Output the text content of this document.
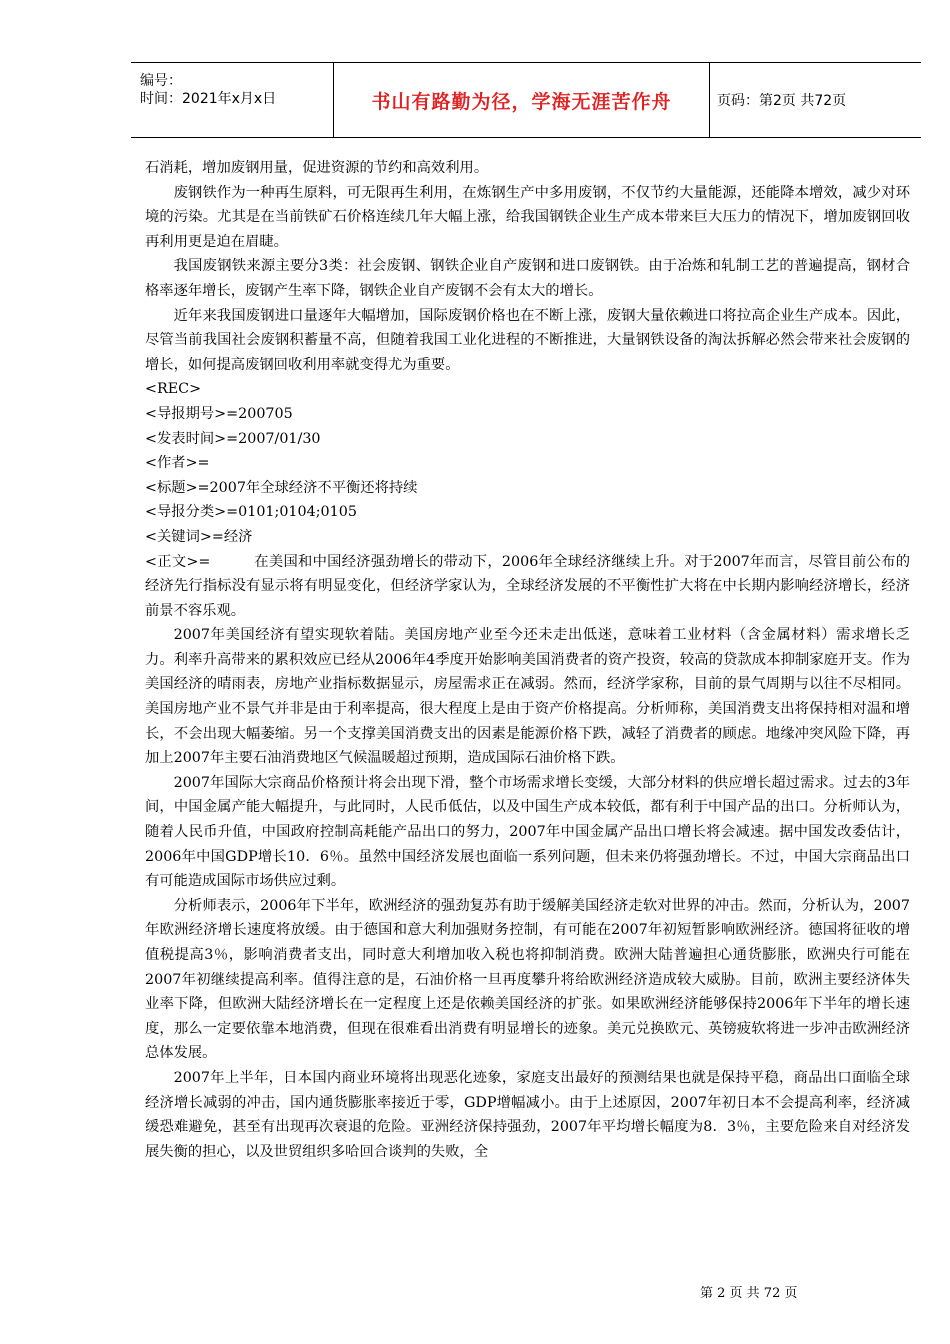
编号：
时间：2021年x月x日	书山有路勤为径，学海无涯苦作舟	页码：第2页 共72页

石消耗，增加废钢用量，促进资源的节约和高效利用。

废钢铁作为一种再生原料，可无限再生利用，在炼钢生产中多用废钢，不仅节约大量能源，还能降本增效，减少对环境的污染。尤其是在当前铁矿石价格连续几年大幅上涨，给我国钢铁企业生产成本带来巨大压力的情况下，增加废钢回收再利用更是迫在眉睫。

我国废钢铁来源主要分3类：社会废钢、钢铁企业自产废钢和进口废钢铁。由于冶炼和轧制工艺的普遍提高，钢材合格率逐年增长，废钢产生率下降，钢铁企业自产废钢不会有太大的增长。

近年来我国废钢进口量逐年大幅增加，国际废钢价格也在不断上涨，废钢大量依赖进口将拉高企业生产成本。因此，尽管当前我国社会废钢积蓄量不高，但随着我国工业化进程的不断推进，大量钢铁设备的淘汰拆解必然会带来社会废钢的增长，如何提高废钢回收利用率就变得尤为重要。

<REC>

<导报期号>=200705

<发表时间>=2007/01/30

<作者>=

<标题>=2007年全球经济不平衡还将持续

<导报分类>=0101;0104;0105

<关键词>=经济

<正文>=　　　在美国和中国经济强劲增长的带动下，2006年全球经济继续上升。对于2007年而言，尽管目前公布的经济先行指标没有显示将有明显变化，但经济学家认为，全球经济发展的不平衡性扩大将在中长期内影响经济增长，经济前景不容乐观。

2007年美国经济有望实现软着陆。美国房地产业至今还未走出低迷，意味着工业材料（含金属材料）需求增长乏力。利率升高带来的累积效应已经从2006年4季度开始影响美国消费者的资产投资，较高的贷款成本抑制家庭开支。作为美国经济的晴雨表，房地产业指标数据显示，房屋需求正在减弱。然而，经济学家称，目前的景气周期与以往不尽相同。美国房地产业不景气并非是由于利率提高，很大程度上是由于资产价格提高。分析师称，美国消费支出将保持相对温和增长，不会出现大幅萎缩。另一个支撑美国消费支出的因素是能源价格下跌，减轻了消费者的顾虑。地缘冲突风险下降，再加上2007年主要石油消费地区气候温暖超过预期，造成国际石油价格下跌。

2007年国际大宗商品价格预计将会出现下滑，整个市场需求增长变缓，大部分材料的供应增长超过需求。过去的3年间，中国金属产能大幅提升，与此同时，人民币低估，以及中国生产成本较低，都有利于中国产品的出口。分析师认为，随着人民币升值，中国政府控制高耗能产品出口的努力，2007年中国金属产品出口增长将会减速。据中国发改委估计，2006年中国GDP增长10．6％。虽然中国经济发展也面临一系列问题，但未来仍将强劲增长。不过，中国大宗商品出口有可能造成国际市场供应过剩。

分析师表示，2006年下半年，欧洲经济的强劲复苏有助于缓解美国经济走软对世界的冲击。然而，分析认为，2007年欧洲经济增长速度将放缓。由于德国和意大利加强财务控制，有可能在2007年初短暂影响欧洲经济。德国将征收的增值税提高3％，影响消费者支出，同时意大利增加收入税也将抑制消费。欧洲大陆普遍担心通货膨胀，欧洲央行可能在2007年初继续提高利率。值得注意的是，石油价格一旦再度攀升将给欧洲经济造成较大威胁。目前，欧洲主要经济体失业率下降，但欧洲大陆经济增长在一定程度上还是依赖美国经济的扩张。如果欧洲经济能够保持2006年下半年的增长速度，那么一定要依靠本地消费，但现在很难看出消费有明显增长的迹象。美元兑换欧元、英镑疲软将进一步冲击欧洲经济总体发展。

2007年上半年，日本国内商业环境将出现恶化迹象，家庭支出最好的预测结果也就是保持平稳，商品出口面临全球经济增长减弱的冲击，国内通货膨胀率接近于零，GDP增幅减小。由于上述原因，2007年初日本不会提高利率，经济减缓恐难避免，甚至有出现再次衰退的危险。亚洲经济保持强劲，2007年平均增长幅度为8．3％，主要危险来自对经济发展失衡的担心，以及世贸组织多哈回合谈判的失败，全

第 2 页 共 72 页
